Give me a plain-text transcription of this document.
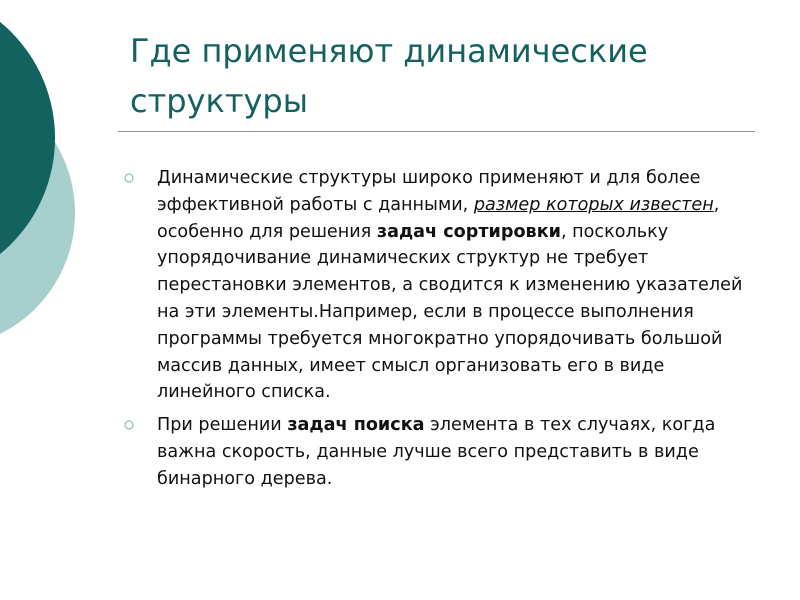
Где применяют динамические структуры
Динамические структуры широко применяют и для более эффективной работы с данными, размер которых известен, особенно для решения задач сортировки, поскольку упорядочивание динамических структур не требует перестановки элементов, а сводится к изменению указателей на эти элементы.Например, если в процессе выполнения программы требуется многократно упорядочивать большой массив данных, имеет смысл организовать его в виде линейного списка.
При решении задач поиска элемента в тех случаях, когда важна скорость, данные лучше всего представить в виде бинарного дерева.
